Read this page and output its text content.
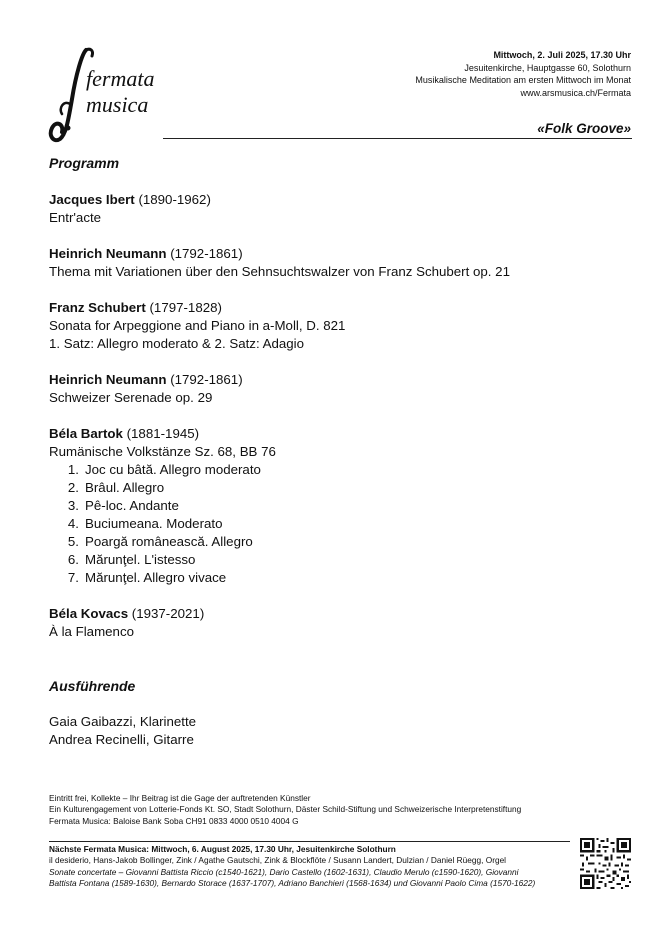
fermata
musica
Mittwoch, 2. Juli 2025, 17.30 Uhr
Jesuitenkirche, Hauptgasse 60, Solothurn
Musikalische Meditation am ersten Mittwoch im Monat
www.arsmusica.ch/Fermata
«Folk Groove»
Programm
Jacques Ibert (1890-1962)
Entr'acte
Heinrich Neumann (1792-1861)
Thema mit Variationen über den Sehnsuchtswalzer von Franz Schubert op. 21
Franz Schubert (1797-1828)
Sonata for Arpeggione and Piano in a-Moll, D. 821
1. Satz: Allegro moderato & 2. Satz: Adagio
Heinrich Neumann (1792-1861)
Schweizer Serenade op. 29
Béla Bartok (1881-1945)
Rumänische Volkstänze Sz. 68, BB 76
1. Joc cu bâtă. Allegro moderato
2. Brâul. Allegro
3. Pê-loc. Andante
4. Buciumeana. Moderato
5. Poargă românească. Allegro
6. Mărunţel. L'istesso
7. Mărunţel. Allegro vivace
Béla Kovacs (1937-2021)
À la Flamenco
Ausführende
Gaia Gaibazzi, Klarinette
Andrea Recinelli, Gitarre
Eintritt frei, Kollekte – Ihr Beitrag ist die Gage der auftretenden Künstler
Ein Kulturengagement von Lotterie-Fonds Kt. SO, Stadt Solothurn, Däster Schild-Stiftung und Schweizerische Interpretenstiftung
Fermata Musica: Baloise Bank Soba CH91 0833 4000 0510 4004 G
Nächste Fermata Musica: Mittwoch, 6. August 2025, 17.30 Uhr, Jesuitenkirche Solothurn
il desiderio, Hans-Jakob Bollinger, Zink / Agathe Gautschi, Zink & Blockflöte / Susann Landert, Dulzian / Daniel Rüegg, Orgel
Sonate concertate – Giovanni Battista Riccio (c1540-1621), Dario Castello (1602-1631), Claudio Merulo (c1590-1620), Giovanni
Battista Fontana (1589-1630), Bernardo Storace (1637-1707), Adriano Banchieri (1568-1634) und Giovanni Paolo Cima (1570-1622)
